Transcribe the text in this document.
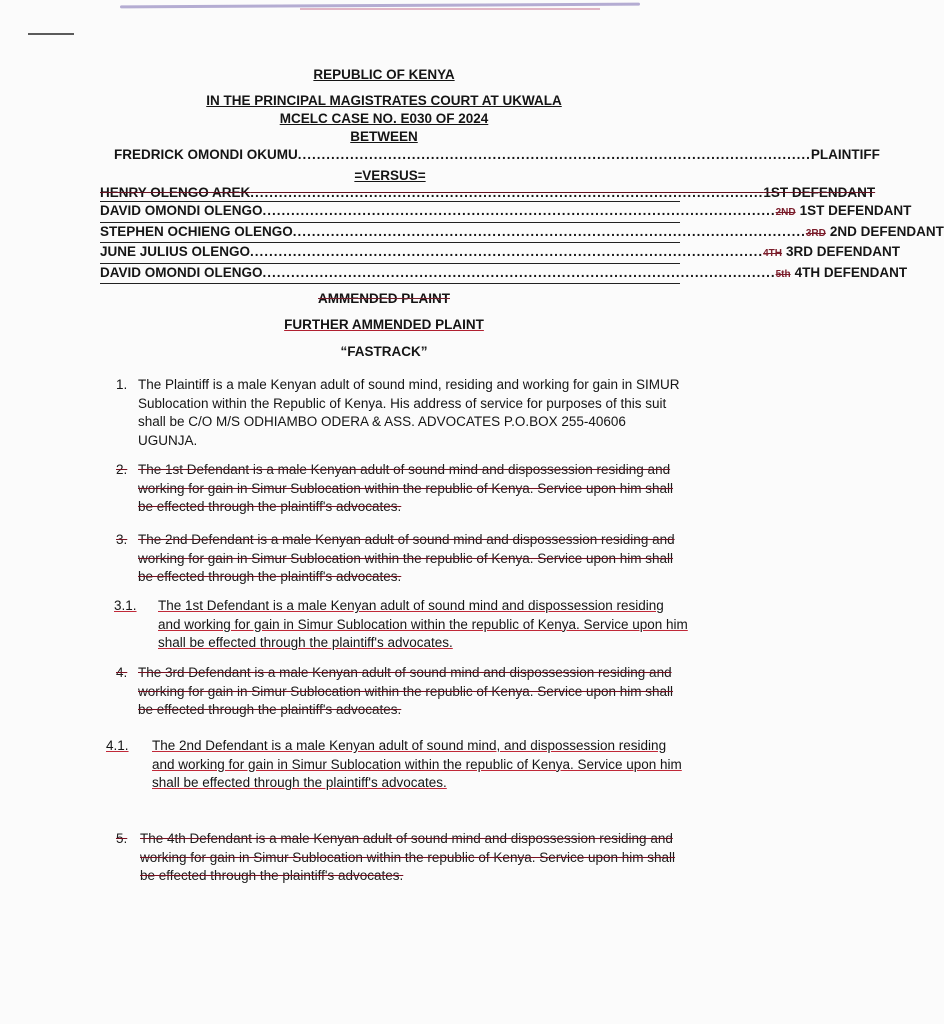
REPUBLIC OF KENYA
IN THE PRINCIPAL MAGISTRATES COURT AT UKWALA
MCELC CASE NO. E030 OF 2024
BETWEEN
FREDRICK OMONDI OKUMU ............................................................................................................ PLAINTIFF
=VERSUS=
HENRY OLENGO AREK ............................................................................................................ 1ST DEFENDANT
DAVID OMONDI OLENGO ............................................................................................................ 2ND 1ST DEFENDANT
STEPHEN OCHIENG OLENGO ............................................................................................................ 3RD 2ND DEFENDANT
JUNE JULIUS OLENGO ............................................................................................................ 4TH 3RD DEFENDANT
DAVID OMONDI OLENGO ............................................................................................................ 5th 4TH DEFENDANT
AMMENDED PLAINT
FURTHER AMMENDED PLAINT
“FASTRACK”
1. The Plaintiff is a male Kenyan adult of sound mind, residing and working for gain in SIMUR Sublocation within the Republic of Kenya. His address of service for purposes of this suit shall be C/O M/S ODHIAMBO ODERA & ASS. ADVOCATES P.O.BOX 255-40606 UGUNJA.
2. The 1st Defendant is a male Kenyan adult of sound mind and dispossession residing and working for gain in Simur Sublocation within the republic of Kenya. Service upon him shall be effected through the plaintiff's advocates.
3. The 2nd Defendant is a male Kenyan adult of sound mind and dispossession residing and working for gain in Simur Sublocation within the republic of Kenya. Service upon him shall be effected through the plaintiff's advocates.
3.1.	The 1st Defendant is a male Kenyan adult of sound mind and dispossession residing and working for gain in Simur Sublocation within the republic of Kenya. Service upon him shall be effected through the plaintiff's advocates.
4. The 3rd Defendant is a male Kenyan adult of sound mind and dispossession residing and working for gain in Simur Sublocation within the republic of Kenya. Service upon him shall be effected through the plaintiff's advocates.
4.1.	The 2nd Defendant is a male Kenyan adult of sound mind, and dispossession residing and working for gain in Simur Sublocation within the republic of Kenya. Service upon him shall be effected through the plaintiff's advocates.
5. The 4th Defendant is a male Kenyan adult of sound mind and dispossession residing and working for gain in Simur Sublocation within the republic of Kenya. Service upon him shall be effected through the plaintiff's advocates.
